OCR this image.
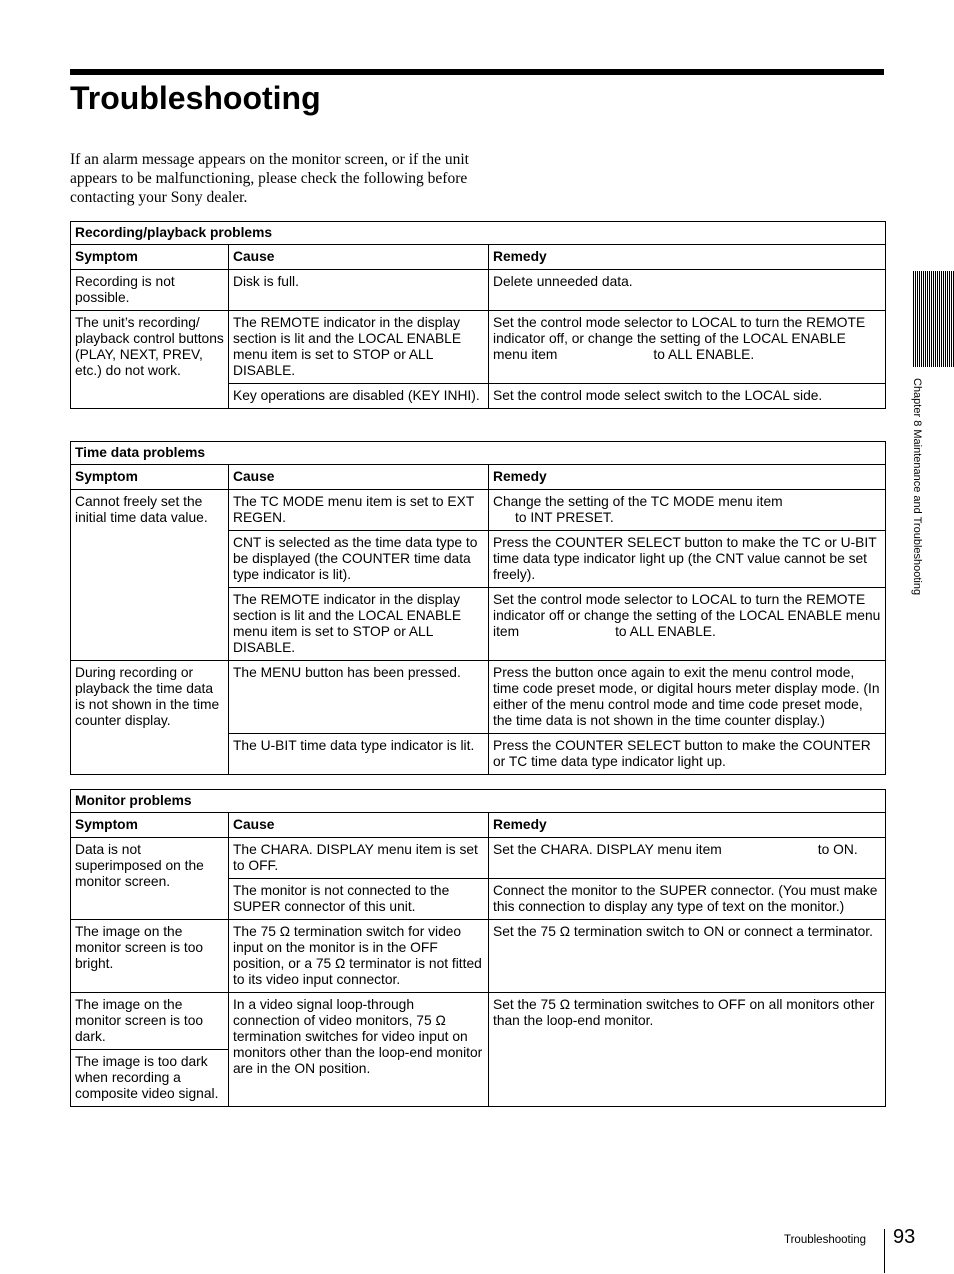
Troubleshooting
If an alarm message appears on the monitor screen, or if the unit appears to be malfunctioning, please check the following before contacting your Sony dealer.
Recording/playback problems		
Symptom	Cause	Remedy
Recording is not possible.	Disk is full.	Delete unneeded data.
The unit’s recording/ playback control buttons (PLAY, NEXT, PREV, etc.) do not work.	The REMOTE indicator in the display section is lit and the LOCAL ENABLE menu item is set to STOP or ALL DISABLE.	Set the control mode selector to LOCAL to turn the REMOTE indicator off, or change the setting of the LOCAL ENABLE menu item to ALL ENABLE.
	Key operations are disabled (KEY INHI).	Set the control mode select switch to the LOCAL side.
Time data problems		
Symptom	Cause	Remedy
Cannot freely set the initial time data value.	The TC MODE menu item is set to EXT REGEN.	Change the setting of the TC MODE menu item
to INT PRESET.
	CNT is selected as the time data type to be displayed (the COUNTER time data type indicator is lit).	Press the COUNTER SELECT button to make the TC or U-BIT time data type indicator light up (the CNT value cannot be set freely).
	The REMOTE indicator in the display section is lit and the LOCAL ENABLE menu item is set to STOP or ALL DISABLE.	Set the control mode selector to LOCAL to turn the REMOTE indicator off or change the setting of the LOCAL ENABLE menu item to ALL ENABLE.
During recording or playback the time data is not shown in the time counter display.	The MENU button has been pressed.	Press the button once again to exit the menu control mode, time code preset mode, or digital hours meter display mode. (In either of the menu control mode and time code preset mode, the time data is not shown in the time counter display.)
	The U-BIT time data type indicator is lit.	Press the COUNTER SELECT button to make the COUNTER or TC time data type indicator light up.
Monitor problems		
Symptom	Cause	Remedy
Data is not superimposed on the monitor screen.	The CHARA. DISPLAY menu item is set to OFF.	Set the CHARA. DISPLAY menu item to ON.
	The monitor is not connected to the SUPER connector of this unit.	Connect the monitor to the SUPER connector. (You must make this connection to display any type of text on the monitor.)
The image on the monitor screen is too bright.	The 75 Ω termination switch for video input on the monitor is in the OFF position, or a 75 Ω terminator is not fitted to its video input connector.	Set the 75 Ω termination switch to ON or connect a terminator.
The image on the monitor screen is too dark.	In a video signal loop-through connection of video monitors, 75 Ω termination switches for video input on monitors other than the loop-end monitor are in the ON position.	Set the 75 Ω termination switches to OFF on all monitors other than the loop-end monitor.
The image is too dark when recording a composite video signal.		
Chapter 8 Maintenance and Troubleshooting
Troubleshooting 93
